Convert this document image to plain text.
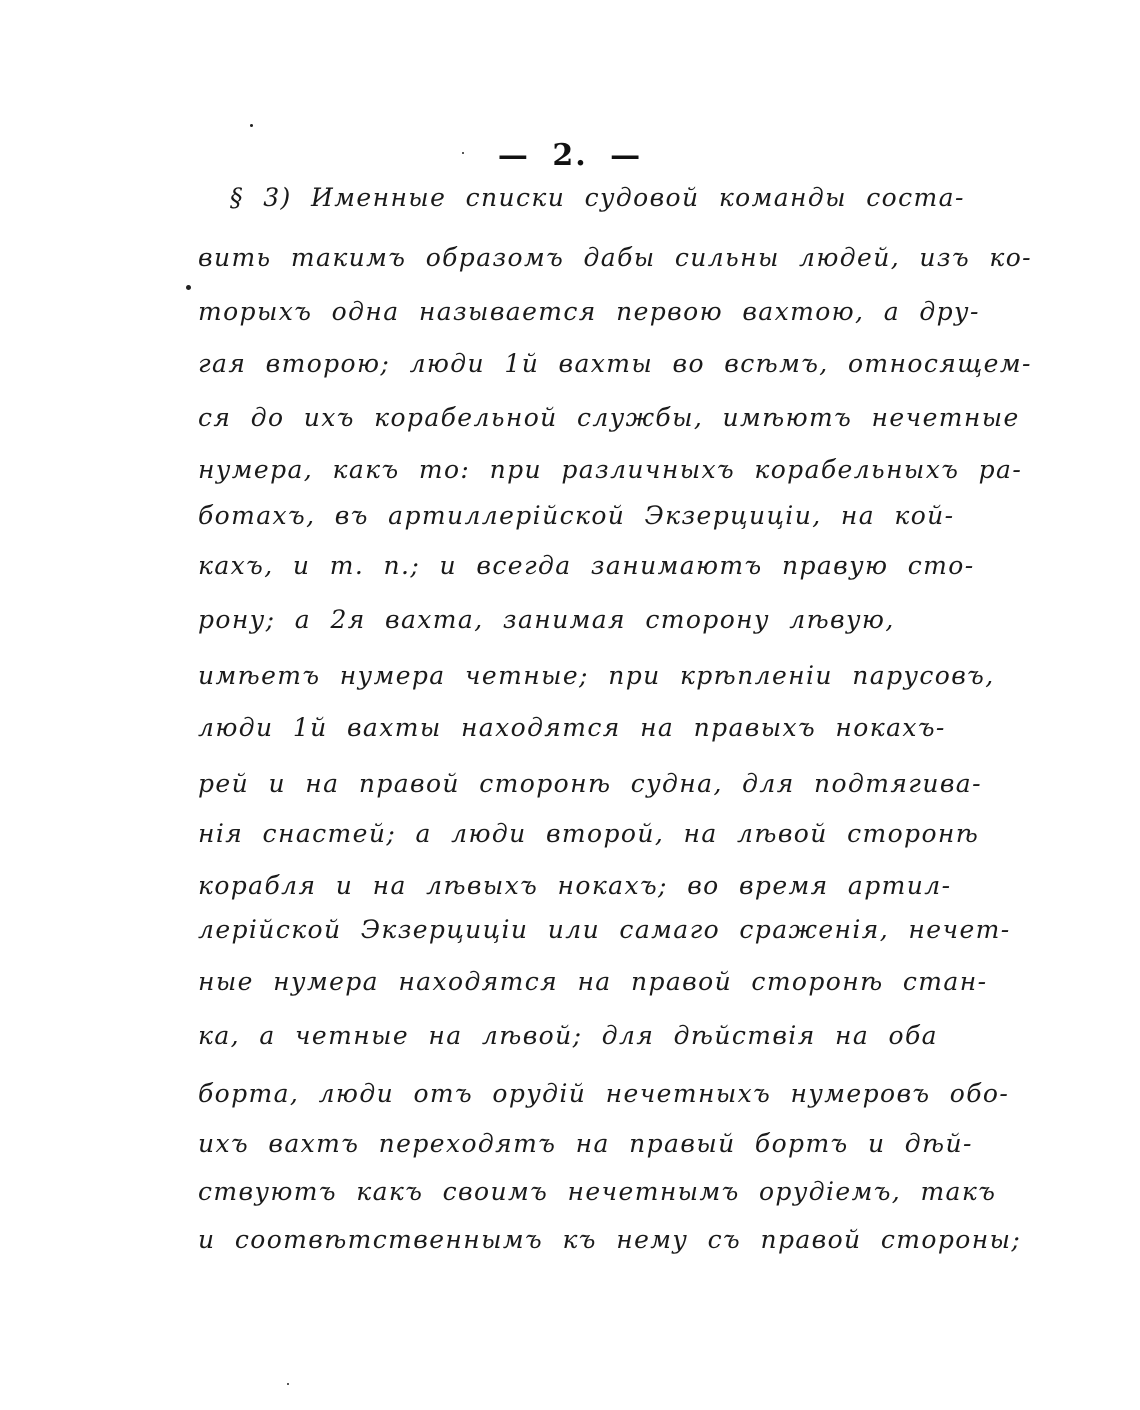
— 2. —
§ 3) Именные списки судовой команды соста-
вить такимъ образомъ дабы сильны людей, изъ ко-
торыхъ одна называется первою вахтою, а дру-
гая второю; люди 1й вахты во всѣмъ, относящем-
ся до ихъ корабельной службы, имѣютъ нечетные
нумера, какъ то: при различныхъ корабельныхъ ра-
ботахъ, въ артиллерійской Экзерциціи, на кой-
кахъ, и т. п.; и всегда занимаютъ правую сто-
рону; а 2я вахта, занимая сторону лѣвую,
имѣетъ нумера четные; при крѣпленіи парусовъ,
люди 1й вахты находятся на правыхъ нокахъ-
рей и на правой сторонѣ судна, для подтягива-
нія снастей; а люди второй, на лѣвой сторонѣ
корабля и на лѣвыхъ нокахъ; во время артил-
лерійской Экзерциціи или самаго сраженія, нечет-
ные нумера находятся на правой сторонѣ стан-
ка, а четные на лѣвой; для дѣйствія на оба
борта, люди отъ орудій нечетныхъ нумеровъ обо-
ихъ вахтъ переходятъ на правый бортъ и дѣй-
ствуютъ какъ своимъ нечетнымъ орудіемъ, такъ
и соотвѣтственнымъ къ нему съ правой стороны;
